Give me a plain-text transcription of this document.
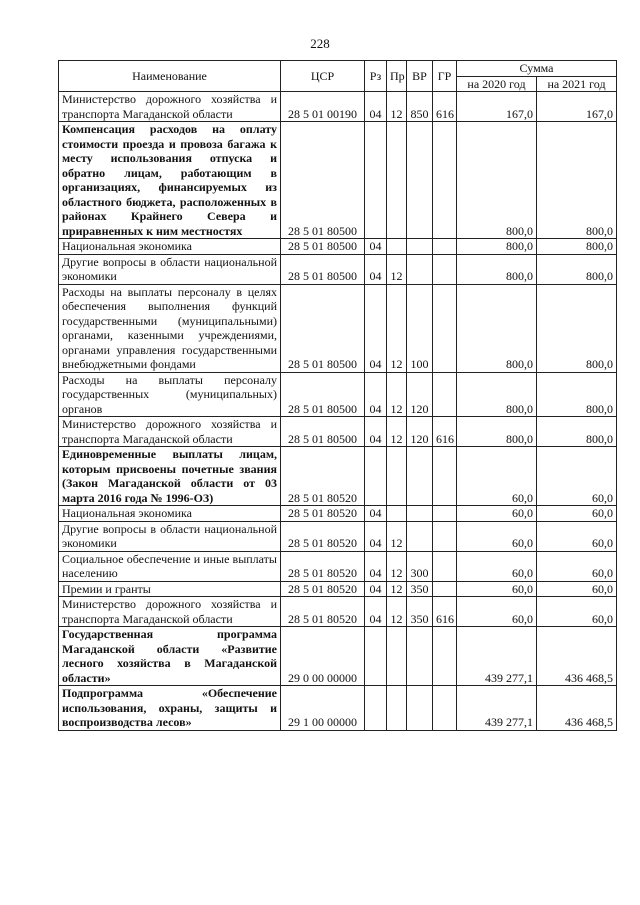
228
Наименование	ЦСР	Рз	Пр	ВР	ГР	Сумма	
						на 2020 год	на 2021 год
Министерство дорожного хозяйства и транспорта Магаданской области	28 5 01 00190	04	12	850	616	167,0	167,0
Компенсация расходов на оплату стоимости проезда и провоза багажа к месту использования отпуска и обратно лицам, работающим в организациях, финансируемых из областного бюджета, расположенных в районах Крайнего Севера и приравненных к ним местностях	28 5 01 80500					800,0	800,0
Национальная экономика	28 5 01 80500	04				800,0	800,0
Другие вопросы в области национальной экономики	28 5 01 80500	04	12			800,0	800,0
Расходы на выплаты персоналу в целях обеспечения выполнения функций государственными (муниципальными) органами, казенными учреждениями, органами управления государственными внебюджетными фондами	28 5 01 80500	04	12	100		800,0	800,0
Расходы на выплаты персоналу государственных (муниципальных) органов	28 5 01 80500	04	12	120		800,0	800,0
Министерство дорожного хозяйства и транспорта Магаданской области	28 5 01 80500	04	12	120	616	800,0	800,0
Единовременные выплаты лицам, которым присвоены почетные звания (Закон Магаданской области от 03 марта 2016 года № 1996-ОЗ)	28 5 01 80520					60,0	60,0
Национальная экономика	28 5 01 80520	04				60,0	60,0
Другие вопросы в области национальной экономики	28 5 01 80520	04	12			60,0	60,0
Социальное обеспечение и иные выплаты населению	28 5 01 80520	04	12	300		60,0	60,0
Премии и гранты	28 5 01 80520	04	12	350		60,0	60,0
Министерство дорожного хозяйства и транспорта Магаданской области	28 5 01 80520	04	12	350	616	60,0	60,0
Государственная программа Магаданской области «Развитие лесного хозяйства в Магаданской области»	29 0 00 00000					439 277,1	436 468,5
Подпрограмма «Обеспечение использования, охраны, защиты и воспроизводства лесов»	29 1 00 00000					439 277,1	436 468,5
